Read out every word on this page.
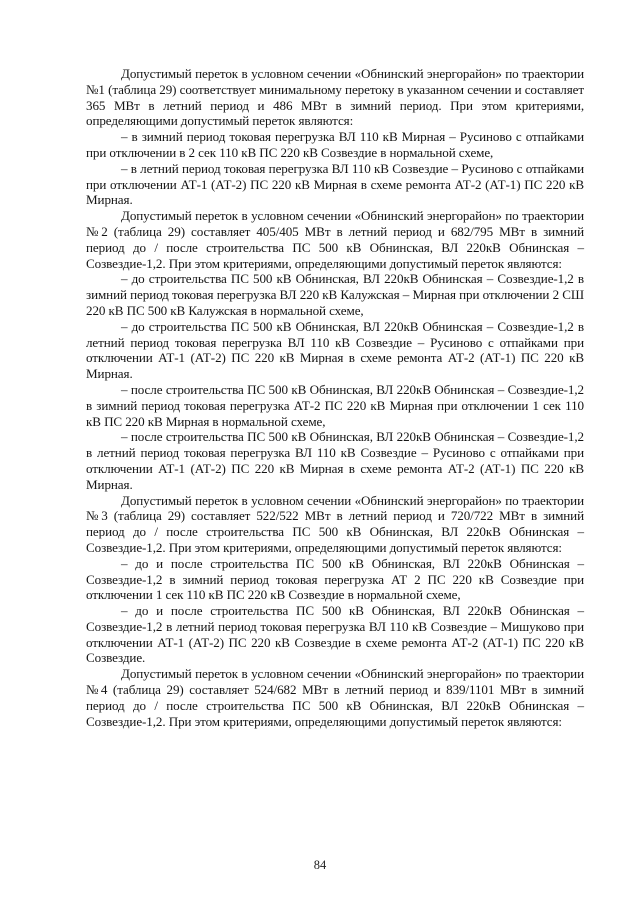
Допустимый переток в условном сечении «Обнинский энергорайон» по траектории №1 (таблица 29) соответствует минимальному перетоку в указанном сечении и составляет 365 МВт в летний период и 486 МВт в зимний период. При этом критериями, определяющими допустимый переток являются:

– в зимний период токовая перегрузка ВЛ 110 кВ Мирная – Русиново с отпайками при отключении в 2 сек 110 кВ ПС 220 кВ Созвездие в нормальной схеме,

– в летний период токовая перегрузка ВЛ 110 кВ Созвездие – Русиново с отпайками при отключении АТ-1 (АТ-2) ПС 220 кВ Мирная в схеме ремонта АТ-2 (АТ-1) ПС 220 кВ Мирная.

Допустимый переток в условном сечении «Обнинский энергорайон» по траектории №2 (таблица 29) составляет 405/405 МВт в летний период и 682/795 МВт в зимний период до / после строительства ПС 500 кВ Обнинская, ВЛ 220кВ Обнинская – Созвездие-1,2. При этом критериями, определяющими допустимый переток являются:

– до строительства ПС 500 кВ Обнинская, ВЛ 220кВ Обнинская – Созвездие-1,2 в зимний период токовая перегрузка ВЛ 220 кВ Калужская – Мирная при отключении 2 СШ 220 кВ ПС 500 кВ Калужская в нормальной схеме,

– до строительства ПС 500 кВ Обнинская, ВЛ 220кВ Обнинская – Созвездие-1,2 в летний период токовая перегрузка ВЛ 110 кВ Созвездие – Русиново с отпайками при отключении АТ-1 (АТ-2) ПС 220 кВ Мирная в схеме ремонта АТ-2 (АТ-1) ПС 220 кВ Мирная.

– после строительства ПС 500 кВ Обнинская, ВЛ 220кВ Обнинская – Созвездие-1,2 в зимний период токовая перегрузка АТ-2 ПС 220 кВ Мирная при отключении 1 сек 110 кВ ПС 220 кВ Мирная в нормальной схеме,

– после строительства ПС 500 кВ Обнинская, ВЛ 220кВ Обнинская – Созвездие-1,2 в летний период токовая перегрузка ВЛ 110 кВ Созвездие – Русиново с отпайками при отключении АТ-1 (АТ-2) ПС 220 кВ Мирная в схеме ремонта АТ-2 (АТ-1) ПС 220 кВ Мирная.

Допустимый переток в условном сечении «Обнинский энергорайон» по траектории №3 (таблица 29) составляет 522/522 МВт в летний период и 720/722 МВт в зимний период до / после строительства ПС 500 кВ Обнинская, ВЛ 220кВ Обнинская – Созвездие-1,2. При этом критериями, определяющими допустимый переток являются:

– до и после строительства ПС 500 кВ Обнинская, ВЛ 220кВ Обнинская – Созвездие-1,2 в зимний период токовая перегрузка АТ 2 ПС 220 кВ Созвездие при отключении 1 сек 110 кВ ПС 220 кВ Созвездие в нормальной схеме,

– до и после строительства ПС 500 кВ Обнинская, ВЛ 220кВ Обнинская – Созвездие-1,2 в летний период токовая перегрузка ВЛ 110 кВ Созвездие – Мишуково при отключении АТ-1 (АТ-2) ПС 220 кВ Созвездие в схеме ремонта АТ-2 (АТ-1) ПС 220 кВ Созвездие.

Допустимый переток в условном сечении «Обнинский энергорайон» по траектории №4 (таблица 29) составляет 524/682 МВт в летний период и 839/1101 МВт в зимний период до / после строительства ПС 500 кВ Обнинская, ВЛ 220кВ Обнинская – Созвездие-1,2. При этом критериями, определяющими допустимый переток являются:

84
